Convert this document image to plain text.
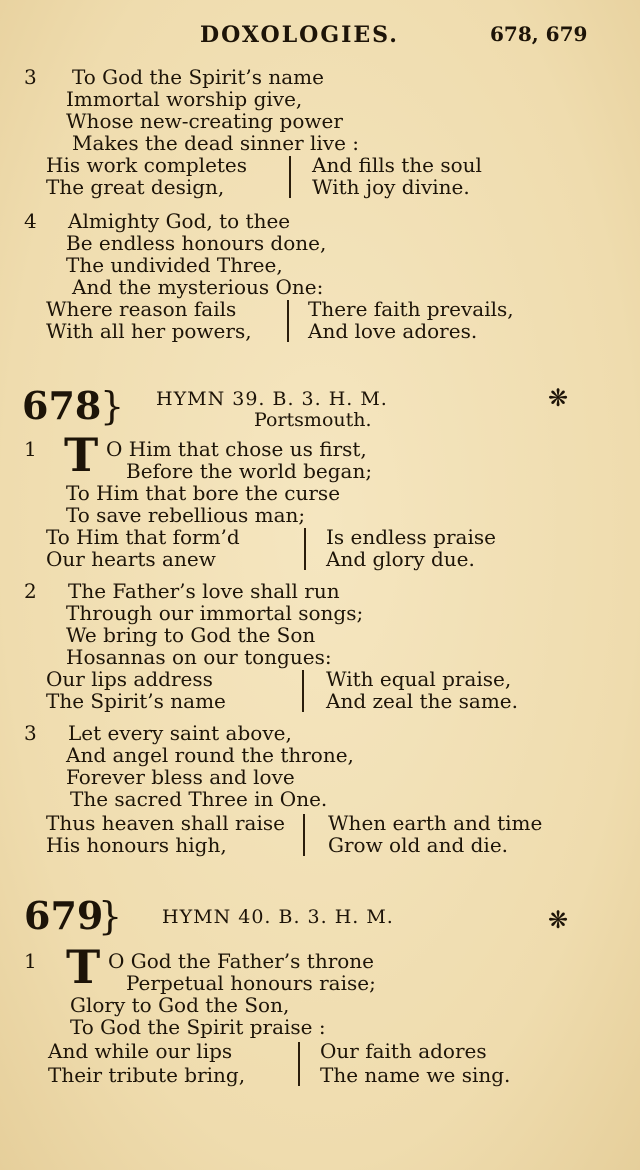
DOXOLOGIES.	678, 679
3 To God the Spirit’s name
Immortal worship give,
Whose new-creating power
Makes the dead sinner live :
His work completes
The great design,
And fills the soul
With joy divine.
4 Almighty God, to thee
Be endless honours done,
The undivided Three,
And the mysterious One:
Where reason fails
With all her powers,
There faith prevails,
And love adores.
678
} HYMN 39. B. 3. H. M.
Portsmouth.
❋
1 T O Him that chose us first,
Before the world began;
To Him that bore the curse
To save rebellious man;
To Him that form’d
Our hearts anew
Is endless praise
And glory due.
2 The Father’s love shall run
Through our immortal songs;
We bring to God the Son
Hosannas on our tongues:
Our lips address
The Spirit’s name
With equal praise,
And zeal the same.
3 Let every saint above,
And angel round the throne,
Forever bless and love
The sacred Three in One.
Thus heaven shall raise
His honours high,
When earth and time
Grow old and die.
679
} HYMN 40. B. 3. H. M.	❋
1 T O God the Father’s throne
Perpetual honours raise;
Glory to God the Son,
To God the Spirit praise :
And while our lips
Their tribute bring,
Our faith adores
The name we sing.
